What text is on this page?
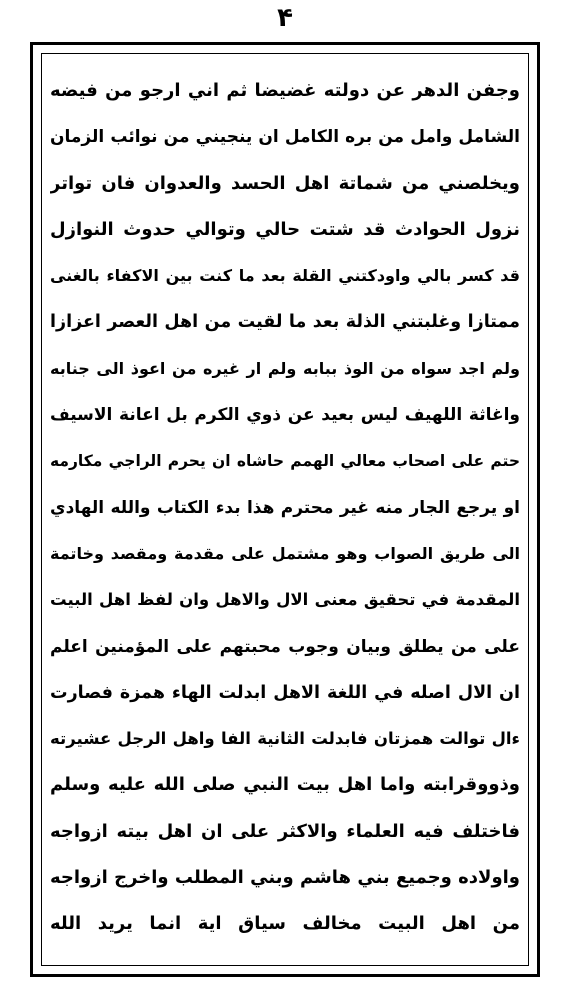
۴
وجفن الدهر عن دولته غضيضا ثم اني ارجو من فيضه
الشامل وامل من بره الكامل ان ينجيني من نوائب الزمان
ويخلصني من شماتة اهل الحسد والعدوان فان تواتر
نزول الحوادث قد شتت حالي وتوالي حدوث النوازل
قد كسر بالي واودكتني القلة بعد ما كنت بين الاكفاء بالغنى
ممتازا وغلبتني الذلة بعد ما لقيت من اهل العصر اعزازا
ولم اجد سواه من الوذ ببابه ولم ار غيره من اعوذ الى جنابه
واغاثة اللهيف ليس بعيد عن ذوي الكرم بل اعانة الاسيف
حتم على اصحاب معالي الهمم حاشاه ان يحرم الراجي مكارمه
او يرجع الجار منه غير محترم هذا بدء الكتاب والله الهادي
الى طريق الصواب وهو مشتمل على مقدمة ومقصد وخاتمة
المقدمة في تحقيق معنى الال والاهل وان لفظ اهل البيت
على من يطلق وبيان وجوب محبتهم على المؤمنين اعلم
ان الال اصله في اللغة الاهل ابدلت الهاء همزة فصارت
ءال توالت همزتان فابدلت الثانية الفا واهل الرجل عشيرته
وذووقرابته واما اهل بيت النبي صلى الله عليه وسلم
فاختلف فيه العلماء والاكثر على ان اهل بيته ازواجه
واولاده وجميع بني هاشم وبني المطلب واخرج ازواجه
من اهل البيت مخالف سياق اية انما يريد الله
